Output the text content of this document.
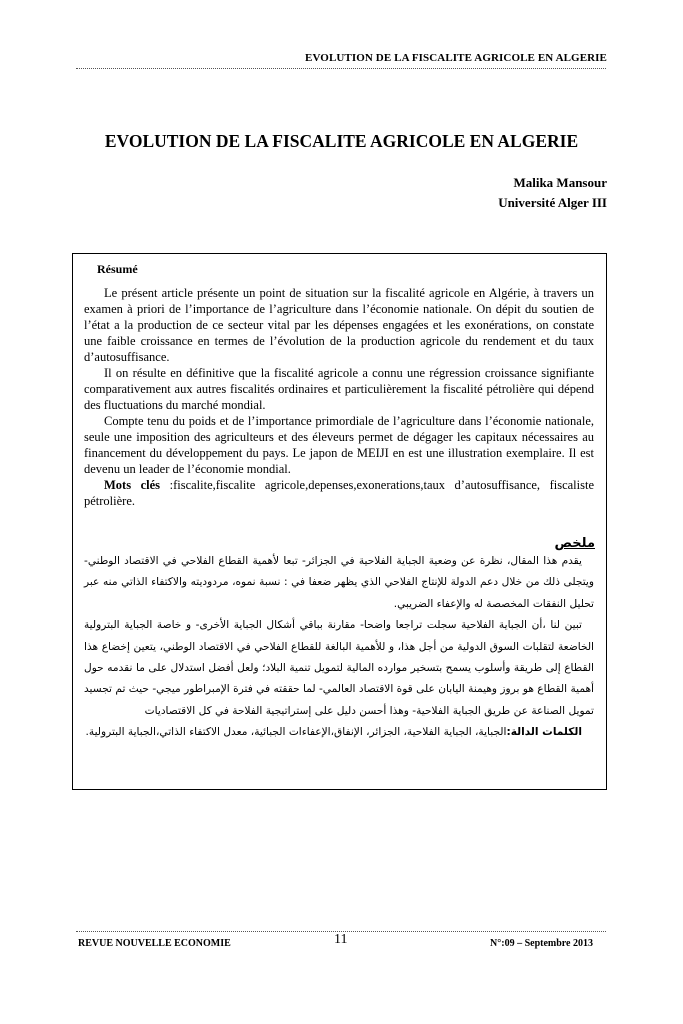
EVOLUTION DE LA FISCALITE AGRICOLE EN ALGERIE
EVOLUTION DE LA FISCALITE AGRICOLE EN ALGERIE
Malika Mansour
Université Alger III
Résumé

Le présent article présente un point de situation sur la fiscalité agricole en Algérie, à travers un examen à priori de l’importance de l’agriculture dans l’économie nationale. On dépit du soutien de l’état a la production de ce secteur vital par les dépenses engagées et les exonérations, on constate une faible croissance en termes de l’évolution de la production agricole du rendement et du taux d’autosuffisance.

Il on résulte en définitive que la fiscalité agricole a connu une régression croissance signifiante comparativement aux autres fiscalités ordinaires et particulièrement la fiscalité pétrolière qui dépend des fluctuations du marché mondial.

Compte tenu du poids et de l’importance primordiale de l’agriculture dans l’économie nationale, seule une imposition des agriculteurs et des éleveurs permet de dégager les capitaux nécessaires au financement du développement du pays. Le japon de MEIJI en est une illustration exemplaire. Il est devenu un leader de l’économie mondial.

Mots clés :fiscalite,fiscalite agricole,depenses,exonerations,taux d’autosuffisance, fiscaliste pétrolière.

ملخص

يقدم هذا المقال، نظرة عن وضعية الجباية الفلاحية في الجزائر- تبعا لأهمية القطاع الفلاحي في الاقتصاد الوطني- ويتجلى ذلك من خلال دعم الدولة للإنتاج الفلاحي الذي يظهر ضعفا في : نسبة نموه، مردوديته والاكتفاء الذاتي منه عبر تحليل النفقات المخصصة له والإعفاء الضريبي.

تبين لنا ،أن الجباية الفلاحية سجلت تراجعا واضحا- مقارنة بباقي أشكال الجباية الأخرى- و خاصة الجباية البترولية الخاضعة لتقلبات السوق الدولية من أجل هذا، و للأهمية البالغة للقطاع الفلاحي في الاقتصاد الوطني، يتعين إخضاع هذا القطاع إلى طريقة وأسلوب يسمح بتسخير موارده المالية لتمويل تنمية البلاد؛ ولعل أفضل استدلال على ما نقدمه حول أهمية القطاع هو بروز وهيمنة اليابان على قوة الاقتصاد العالمي- لما حققته في فترة الإمبراطور ميجي- حيث تم تجسيد تمويل الصناعة عن طريق الجباية الفلاحية- وهذا أحسن دليل على إستراتيجية الفلاحة في كل الاقتصاديات

الكلمات الدالة:الجباية، الجباية الفلاحية، الجزائر، الإنفاق،الإعفاءات الجبائية، معدل الاكتفاء الذاتي،الجباية البترولية.

REVUE NOUVELLE ECONOMIE	11	N°:09 – Septembre 2013
